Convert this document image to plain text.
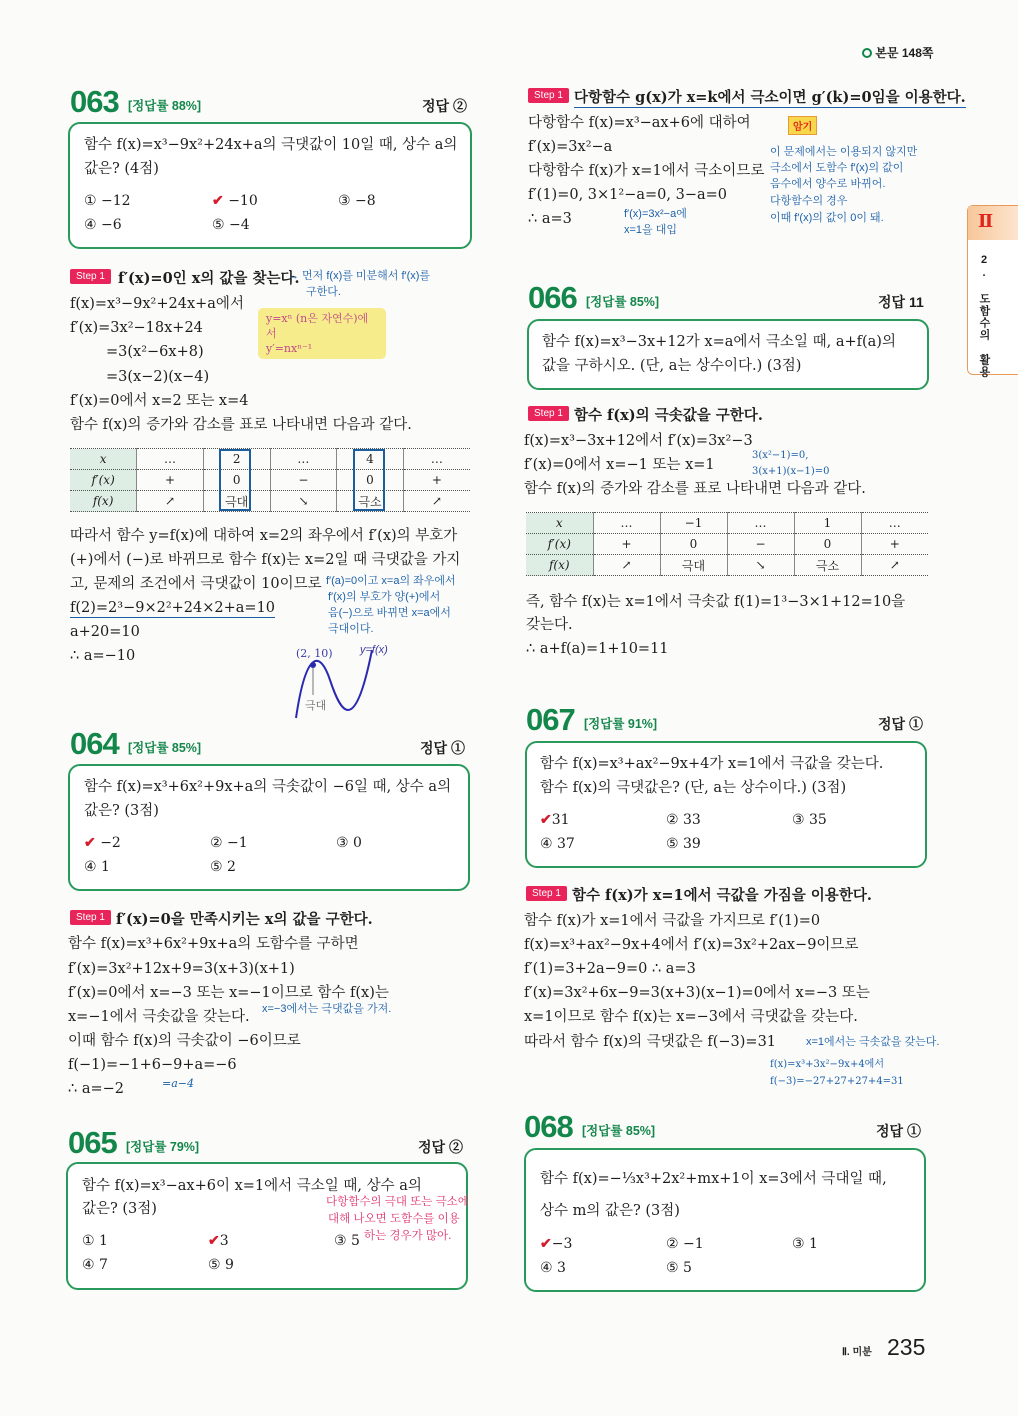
본문 148쪽
Ⅱ
2. 도함수의 활용
063 [정답률 88%]	정답 ②
함수 f(x)=x³−9x²+24x+a의 극댓값이 10일 때, 상수 a의
값은? (4점)
① −12	✔ −10	③ −8
④ −6	⑤ −4
Step 1 f′(x)=0인 x의 값을 찾는다.
→ 먼저 f(x)를 미분해서 f′(x)를
구한다.
f(x)=x³−9x²+24x+a에서
f′(x)=3x²−18x+24
=3(x²−6x+8)
=3(x−2)(x−4)
f′(x)=0에서 x=2 또는 x=4
함수 f(x)의 증가와 감소를 표로 나타내면 다음과 같다.
y=xⁿ (n은 자연수)에서
y′=nxⁿ⁻¹
x	…	2	…	4	…
f′(x)	+	0	−	0	+
f(x)	↗	극대	↘	극소	↗
따라서 함수 y=f(x)에 대하여 x=2의 좌우에서 f′(x)의 부호가
(+)에서 (−)로 바뀌므로 함수 f(x)는 x=2일 때 극댓값을 가지
고, 문제의 조건에서 극댓값이 10이므로
f(2)=2³−9×2²+24×2+a=10
a+20=10
∴ a=−10
f′(a)=0이고 x=a의 좌우에서
f′(x)의 부호가 양(+)에서
음(−)으로 바뀌면 x=a에서
극대이다.
(2, 10) y=f(x)
극대
064 [정답률 85%]	정답 ①
함수 f(x)=x³+6x²+9x+a의 극솟값이 −6일 때, 상수 a의
값은? (3점)
✔ −2	② −1	③ 0
④ 1	⑤ 2
Step 1 f′(x)=0을 만족시키는 x의 값을 구한다.
함수 f(x)=x³+6x²+9x+a의 도함수를 구하면
f′(x)=3x²+12x+9=3(x+3)(x+1)
f′(x)=0에서 x=−3 또는 x=−1이므로 함수 f(x)는
x=−1에서 극솟값을 갖는다.
이때 함수 f(x)의 극솟값이 −6이므로
f(−1)=−1+6−9+a=−6
∴ a=−2
x=−3에서는 극댓값을 가져.
=a−4
065 [정답률 79%]	정답 ②
함수 f(x)=x³−ax+6이 x=1에서 극소일 때, 상수 a의
값은? (3점)	다항함수의 극대 또는 극소에
대해 나오면 도함수를 이용
하는 경우가 많아.
① 1	✔3	③ 5
④ 7	⑤ 9
Step 1 다항함수 g(x)가 x=k에서 극소이면 g′(k)=0임을 이용한다.
암기
다항함수 f(x)=x³−ax+6에 대하여
f′(x)=3x²−a
다항함수 f(x)가 x=1에서 극소이므로
f′(1)=0, 3×1²−a=0, 3−a=0
∴ a=3	f′(x)=3x²−a에
x=1을 대입
이 문제에서는 이용되지 않지만
극소에서 도함수 f′(x)의 값이
음수에서 양수로 바뀌어.
다항함수의 경우
이때 f′(x)의 값이 0이 돼.
066 [정답률 85%]	정답 11
함수 f(x)=x³−3x+12가 x=a에서 극소일 때, a+f(a)의
값을 구하시오. (단, a는 상수이다.) (3점)
Step 1 함수 f(x)의 극솟값을 구한다.
f(x)=x³−3x+12에서 f′(x)=3x²−3
f′(x)=0에서 x=−1 또는 x=1
함수 f(x)의 증가와 감소를 표로 나타내면 다음과 같다.
3(x²−1)=0,
3(x+1)(x−1)=0
x	…	−1	…	1	…
f′(x)	+	0	−	0	+
f(x)	↗	극대	↘	극소	↗
즉, 함수 f(x)는 x=1에서 극솟값 f(1)=1³−3×1+12=10을
갖는다.
∴ a+f(a)=1+10=11
067 [정답률 91%]	정답 ①
함수 f(x)=x³+ax²−9x+4가 x=1에서 극값을 갖는다.
함수 f(x)의 극댓값은? (단, a는 상수이다.) (3점)
✔31	② 33	③ 35
④ 37	⑤ 39
Step 1 함수 f(x)가 x=1에서 극값을 가짐을 이용한다.
함수 f(x)가 x=1에서 극값을 가지므로 f′(1)=0
f(x)=x³+ax²−9x+4에서 f′(x)=3x²+2ax−9이므로
f′(1)=3+2a−9=0 ∴ a=3
f′(x)=3x²+6x−9=3(x+3)(x−1)=0에서 x=−3 또는
x=1이므로 함수 f(x)는 x=−3에서 극댓값을 갖는다.
따라서 함수 f(x)의 극댓값은 f(−3)=31	x=1에서는 극솟값을 갖는다.
f(x)=x³+3x²−9x+4에서
f(−3)=−27+27+27+4=31
068 [정답률 85%]	정답 ①
함수 f(x)=−⅓x³+2x²+mx+1이 x=3에서 극대일 때,
상수 m의 값은? (3점)
✔−3	② −1	③ 1
④ 3	⑤ 5
Ⅱ. 미분 235
